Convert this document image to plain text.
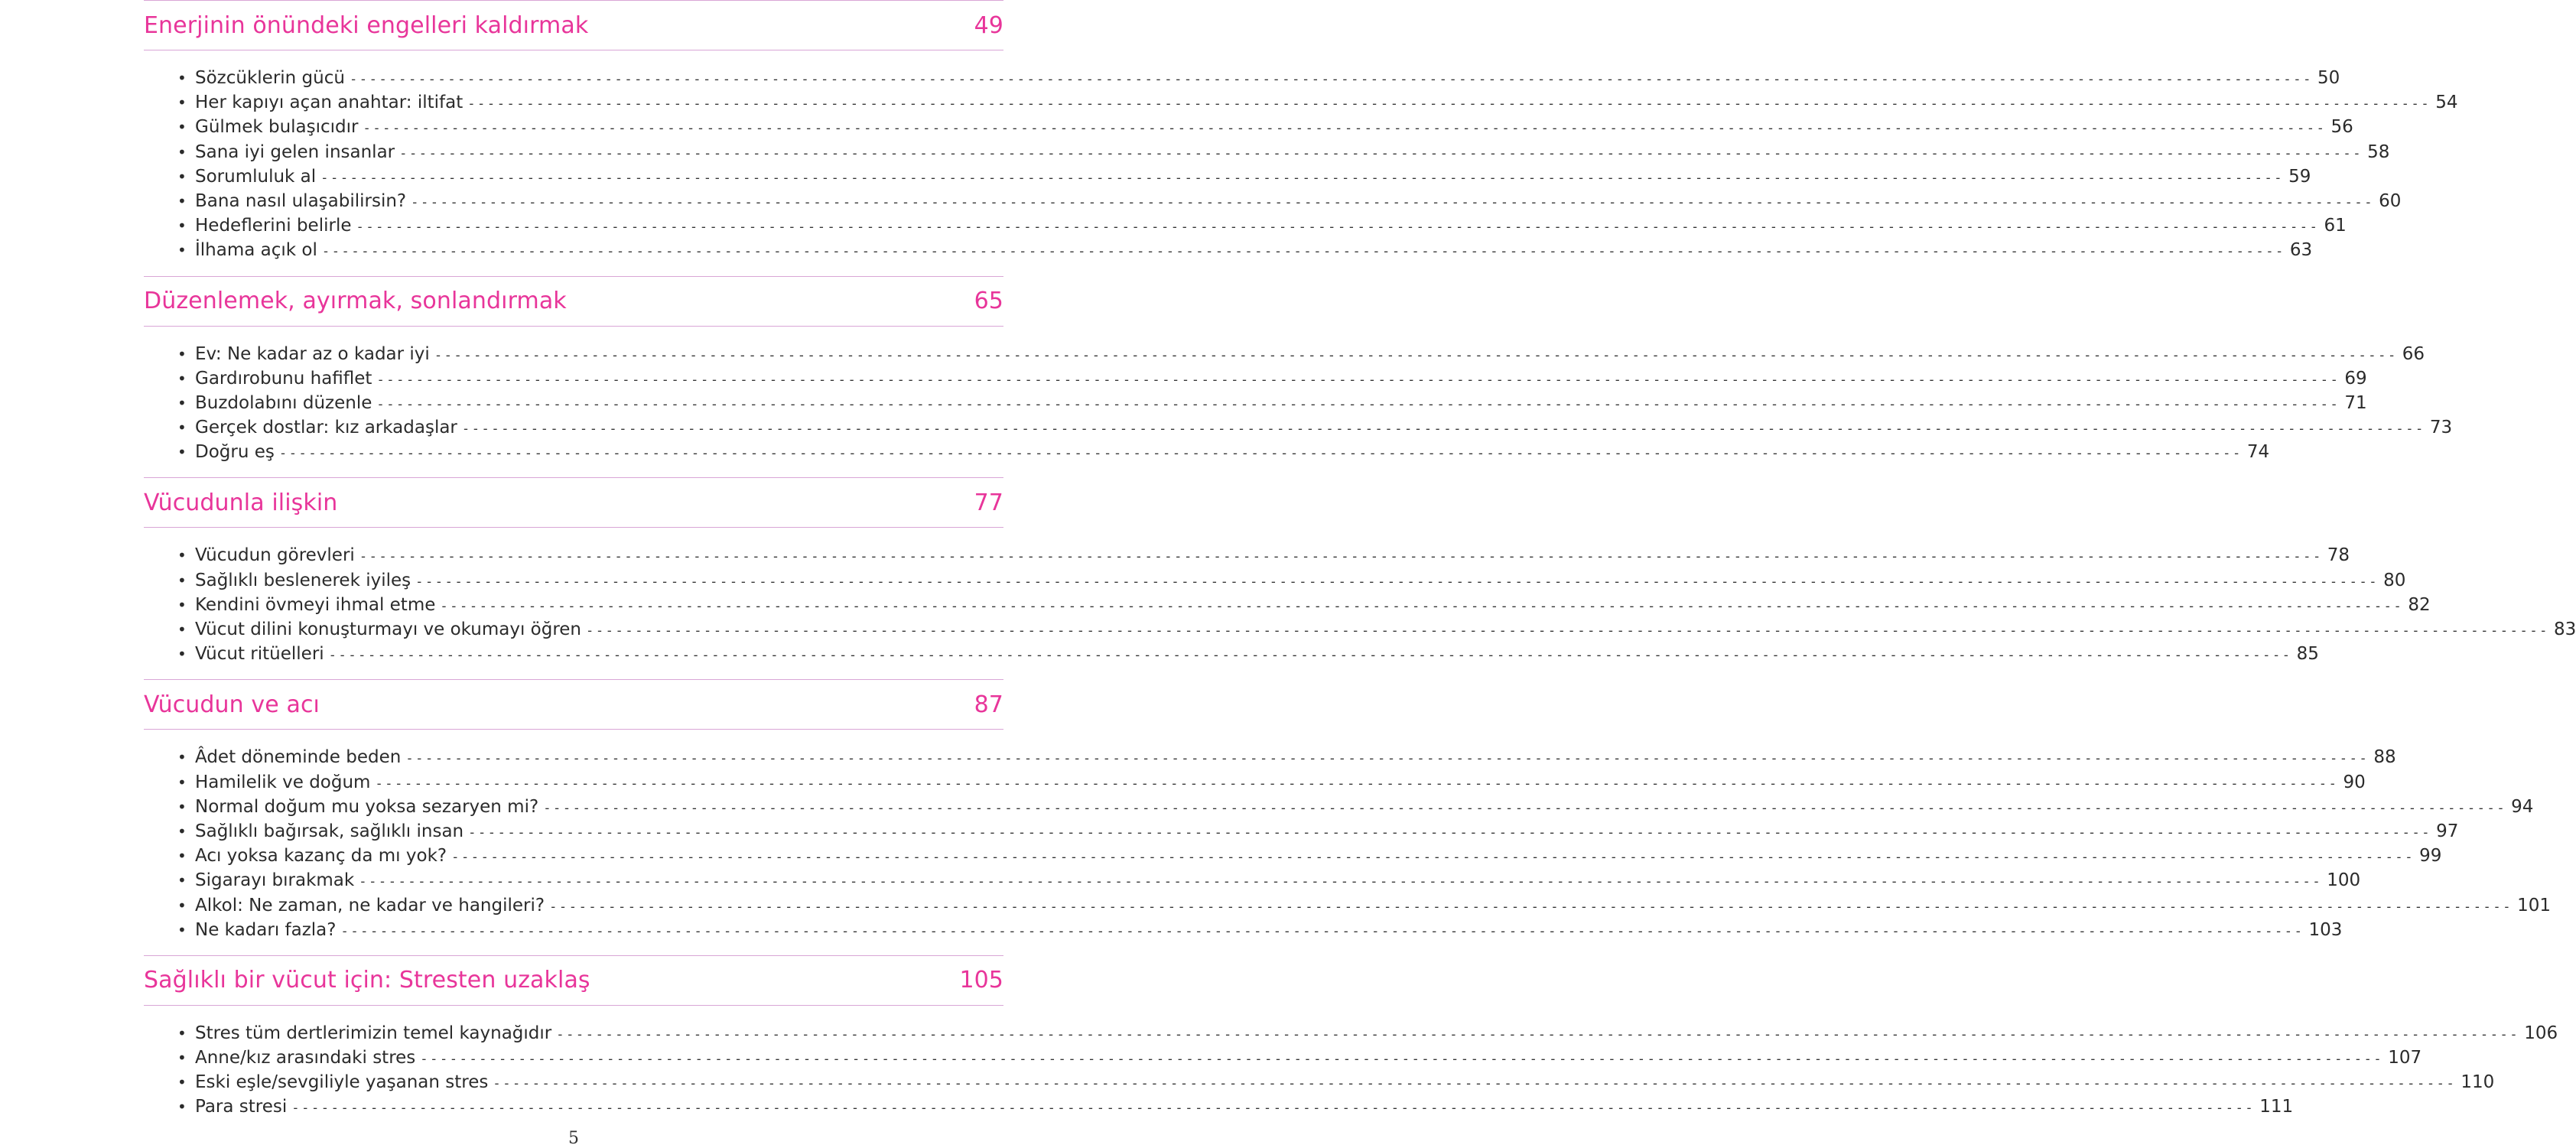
Enerjinin önündeki engelleri kaldırmak	49
• Sözcüklerin gücü -------------------------------------------------------------------------------------------------------------------------------------------------------------------------------------------------------- 50
• Her kapıyı açan anahtar: iltifat -------------------------------------------------------------------------------------------------------------------------------------------------------------------------------------------------------- 54
• Gülmek bulaşıcıdır -------------------------------------------------------------------------------------------------------------------------------------------------------------------------------------------------------- 56
• Sana iyi gelen insanlar -------------------------------------------------------------------------------------------------------------------------------------------------------------------------------------------------------- 58
• Sorumluluk al -------------------------------------------------------------------------------------------------------------------------------------------------------------------------------------------------------- 59
• Bana nasıl ulaşabilirsin? -------------------------------------------------------------------------------------------------------------------------------------------------------------------------------------------------------- 60
• Hedeflerini belirle -------------------------------------------------------------------------------------------------------------------------------------------------------------------------------------------------------- 61
• İlhama açık ol -------------------------------------------------------------------------------------------------------------------------------------------------------------------------------------------------------- 63
Düzenlemek, ayırmak, sonlandırmak	65
• Ev: Ne kadar az o kadar iyi -------------------------------------------------------------------------------------------------------------------------------------------------------------------------------------------------------- 66
• Gardırobunu hafiflet -------------------------------------------------------------------------------------------------------------------------------------------------------------------------------------------------------- 69
• Buzdolabını düzenle -------------------------------------------------------------------------------------------------------------------------------------------------------------------------------------------------------- 71
• Gerçek dostlar: kız arkadaşlar -------------------------------------------------------------------------------------------------------------------------------------------------------------------------------------------------------- 73
• Doğru eş -------------------------------------------------------------------------------------------------------------------------------------------------------------------------------------------------------- 74
Vücudunla ilişkin	77
• Vücudun görevleri -------------------------------------------------------------------------------------------------------------------------------------------------------------------------------------------------------- 78
• Sağlıklı beslenerek iyileş -------------------------------------------------------------------------------------------------------------------------------------------------------------------------------------------------------- 80
• Kendini övmeyi ihmal etme -------------------------------------------------------------------------------------------------------------------------------------------------------------------------------------------------------- 82
• Vücut dilini konuşturmayı ve okumayı öğren -------------------------------------------------------------------------------------------------------------------------------------------------------------------------------------------------------- 83
• Vücut ritüelleri -------------------------------------------------------------------------------------------------------------------------------------------------------------------------------------------------------- 85
Vücudun ve acı	87
• Âdet döneminde beden -------------------------------------------------------------------------------------------------------------------------------------------------------------------------------------------------------- 88
• Hamilelik ve doğum -------------------------------------------------------------------------------------------------------------------------------------------------------------------------------------------------------- 90
• Normal doğum mu yoksa sezaryen mi? -------------------------------------------------------------------------------------------------------------------------------------------------------------------------------------------------------- 94
• Sağlıklı bağırsak, sağlıklı insan -------------------------------------------------------------------------------------------------------------------------------------------------------------------------------------------------------- 97
• Acı yoksa kazanç da mı yok? -------------------------------------------------------------------------------------------------------------------------------------------------------------------------------------------------------- 99
• Sigarayı bırakmak -------------------------------------------------------------------------------------------------------------------------------------------------------------------------------------------------------- 100
• Alkol: Ne zaman, ne kadar ve hangileri? -------------------------------------------------------------------------------------------------------------------------------------------------------------------------------------------------------- 101
• Ne kadarı fazla? -------------------------------------------------------------------------------------------------------------------------------------------------------------------------------------------------------- 103
Sağlıklı bir vücut için: Stresten uzaklaş	105
• Stres tüm dertlerimizin temel kaynağıdır -------------------------------------------------------------------------------------------------------------------------------------------------------------------------------------------------------- 106
• Anne/kız arasındaki stres -------------------------------------------------------------------------------------------------------------------------------------------------------------------------------------------------------- 107
• Eski eşle/sevgiliyle yaşanan stres -------------------------------------------------------------------------------------------------------------------------------------------------------------------------------------------------------- 110
• Para stresi -------------------------------------------------------------------------------------------------------------------------------------------------------------------------------------------------------- 111
5
